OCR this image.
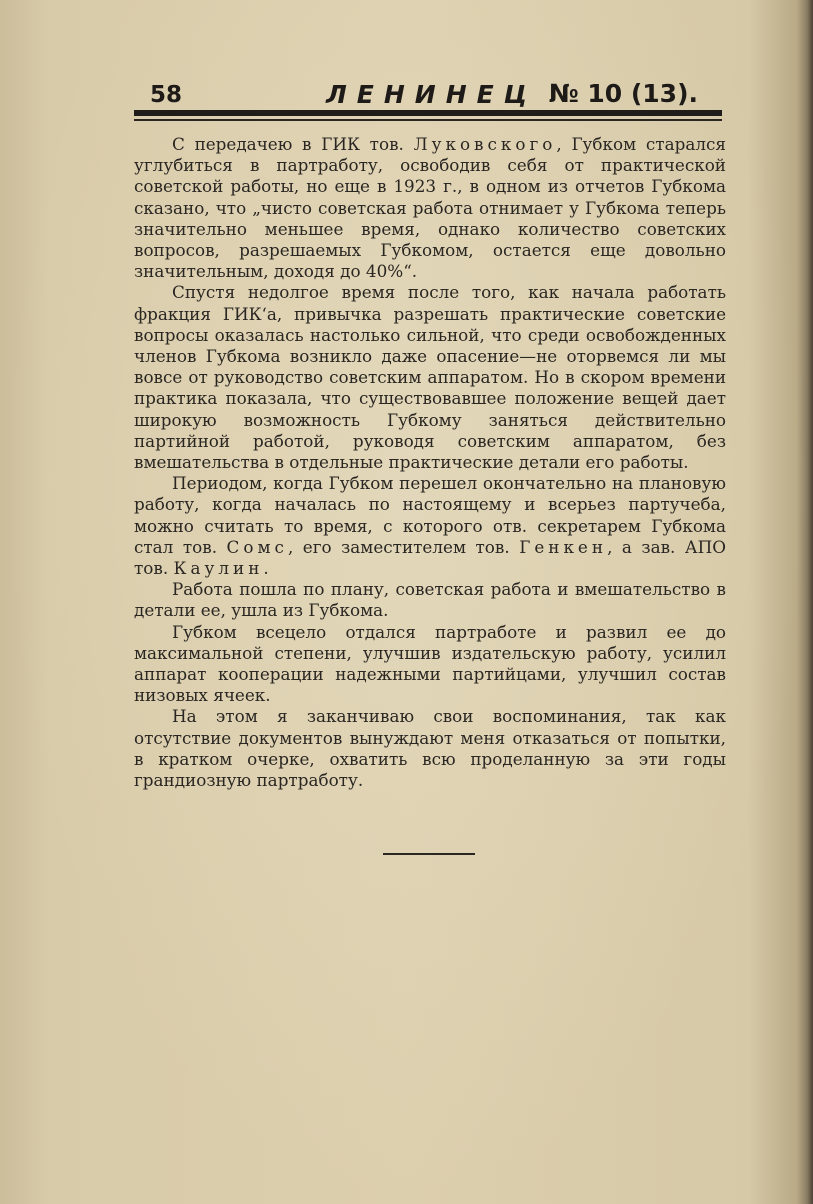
58	ЛЕНИНЕЦ № 10 (13).

С передачею в ГИК тов. Луковского, Губком старался углубиться в партработу, освободив себя от практической советской работы, но еще в 1923 г., в одном из отчетов Губкома сказано, что „чисто советская работа отнимает у Губкома теперь значительно меньшее время, однако количество советских вопросов, разрешаемых Губкомом, остается еще довольно значительным, доходя до 40%“.

Спустя недолгое время после того, как начала работать фракция ГИК‘а, привычка разрешать практические советские вопросы оказалась настолько сильной, что среди освобожденных членов Губкома возникло даже опасение—не оторвемся ли мы вовсе от руководство советским аппаратом. Но в скором времени практика показала, что существовавшее положение вещей дает широкую возможность Губкому заняться действительно партийной работой, руководя советским аппаратом, без вмешательства в отдельные практические детали его работы.

Периодом, когда Губком перешел окончательно на плановую работу, когда началась по настоящему и всерьез партучеба, можно считать то время, с которого отв. секретарем Губкома стал тов. Сомс, его заместителем тов. Генкен, а зав. АПО тов. Каулин.

Работа пошла по плану, советская работа и вмешательство в детали ее, ушла из Губкома.

Губком всецело отдался партработе и развил ее до максимальной степени, улучшив издательскую работу, усилил аппарат кооперации надежными партийцами, улучшил состав низовых ячеек.

На этом я заканчиваю свои воспоминания, так как отсутствие документов вынуждают меня отказаться от попытки, в кратком очерке, охватить всю проделанную за эти годы грандиозную партработу.
